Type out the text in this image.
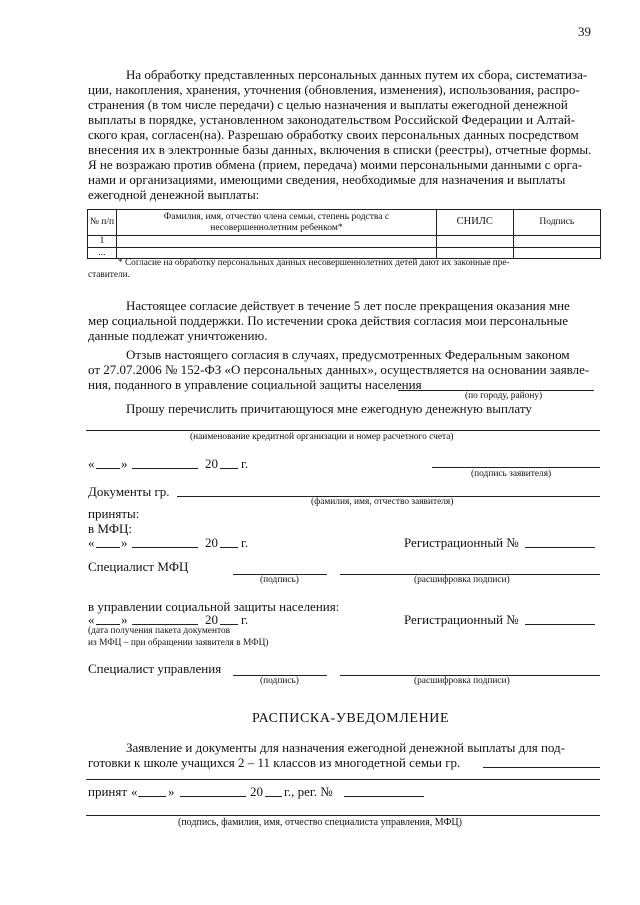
39
На обработку представленных персональных данных путем их сбора, систематиза-
ции, накопления, хранения, уточнения (обновления, изменения), использования, распро-
странения (в том числе передачи) с целью назначения и выплаты ежегодной денежной
выплаты в порядке, установленном законодательством Российской Федерации и Алтай-
ского края, согласен(на). Разрешаю обработку своих персональных данных посредством
внесения их в электронные базы данных, включения в списки (реестры), отчетные формы.
Я не возражаю против обмена (прием, передача) моими персональными данными с орга-
нами и организациями, имеющими сведения, необходимые для назначения и выплаты
ежегодной денежной выплаты:
№ п/п	Фамилия, имя, отчество члена семьи, степень родства с несовершеннолетним ребенком*	СНИЛС	Подпись
1			
...			
* Согласие на обработку персональных данных несовершеннолетних детей дают их законные пре-
ставители.
Настоящее согласие действует в течение 5 лет после прекращения оказания мне
мер социальной поддержки. По истечении срока действия согласия мои персональные
данные подлежат уничтожению.
Отзыв настоящего согласия в случаях, предусмотренных Федеральным законом
от 27.07.2006 № 152-ФЗ «О персональных данных», осуществляется на основании заявле-
ния, поданного в управление социальной защиты населения
(по городу, району)
Прошу перечислить причитающуюся мне ежегодную денежную выплату
(наименование кредитной организации и номер расчетного счета)
« »	20 г.
(подпись заявителя)
Документы гр.
(фамилия, имя, отчество заявителя)
приняты:
в МФЦ:
« »	20 г.	Регистрационный №
Специалист МФЦ
(подпись)	(расшифровка подписи)
в управлении социальной защиты населения:
« »	20 г.	Регистрационный №
(дата получения пакета документов
из МФЦ – при обращении заявителя в МФЦ)
Специалист управления
(подпись)	(расшифровка подписи)
РАСПИСКА-УВЕДОМЛЕНИЕ
Заявление и документы для назначения ежегодной денежной выплаты для под-
готовки к школе учащихся 2 – 11 классов из многодетной семьи гр.
принят « »	20 г., рег. №
(подпись, фамилия, имя, отчество специалиста управления, МФЦ)
